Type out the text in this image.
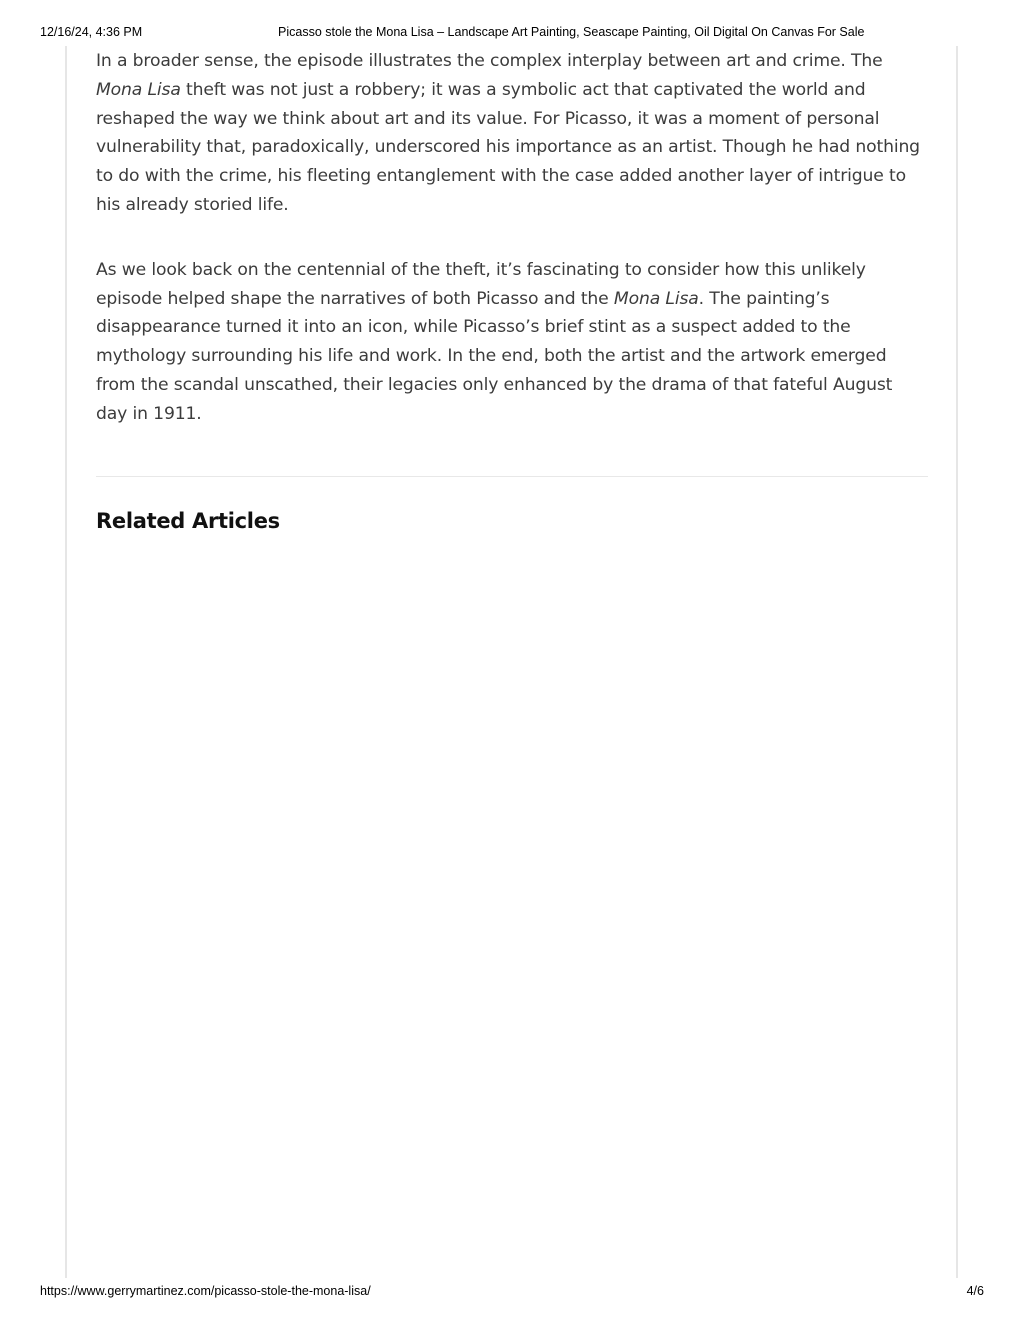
12/16/24, 4:36 PM	Picasso stole the Mona Lisa – Landscape Art Painting, Seascape Painting, Oil Digital On Canvas For Sale

In a broader sense, the episode illustrates the complex interplay between art and crime. The Mona Lisa theft was not just a robbery; it was a symbolic act that captivated the world and reshaped the way we think about art and its value. For Picasso, it was a moment of personal vulnerability that, paradoxically, underscored his importance as an artist. Though he had nothing to do with the crime, his fleeting entanglement with the case added another layer of intrigue to his already storied life.

As we look back on the centennial of the theft, it’s fascinating to consider how this unlikely episode helped shape the narratives of both Picasso and the Mona Lisa. The painting’s disappearance turned it into an icon, while Picasso’s brief stint as a suspect added to the mythology surrounding his life and work. In the end, both the artist and the artwork emerged from the scandal unscathed, their legacies only enhanced by the drama of that fateful August day in 1911.

Related Articles
https://www.gerrymartinez.com/picasso-stole-the-mona-lisa/	4/6
